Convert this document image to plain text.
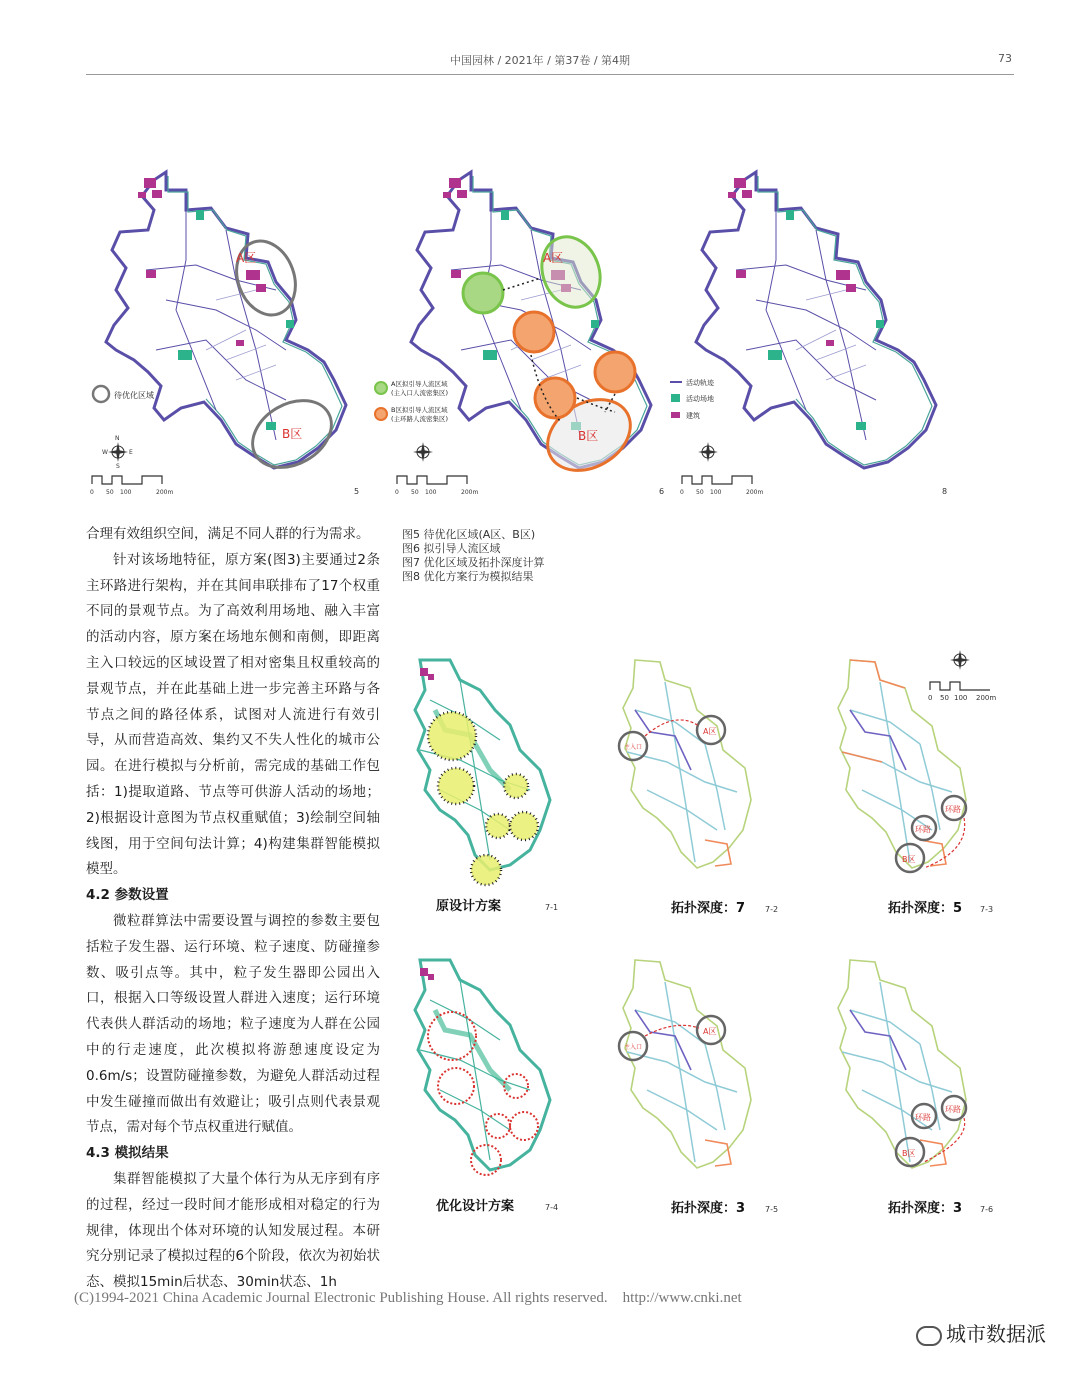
中国园林 / 2021年 / 第37卷 / 第4期	73
A区
B区
待优化区域
N
W	E
S
0 50 100	200m	5
A区
B区
A区拟引导人流区域
(主入口人流密集区)
B区拟引导人流区域
(主环路人流密集区)
0 50 100	200m	6
活动轨迹
活动场地
建筑
0 50 100	200m	8
图5 待优化区域(A区、B区)
图6 拟引导人流区域
图7 优化区域及拓扑深度计算
图8 优化方案行为模拟结果

合理有效组织空间，满足不同人群的行为需求。

针对该场地特征，原方案(图3)主要通过2条主环路进行架构，并在其间串联排布了17个权重不同的景观节点。为了高效利用场地、融入丰富的活动内容，原方案在场地东侧和南侧，即距离主入口较远的区域设置了相对密集且权重较高的景观节点，并在此基础上进一步完善主环路与各节点之间的路径体系，试图对人流进行有效引导，从而营造高效、集约又不失人性化的城市公园。在进行模拟与分析前，需完成的基础工作包括：1)提取道路、节点等可供游人活动的场地；2)根据设计意图为节点权重赋值；3)绘制空间轴线图，用于空间句法计算；4)构建集群智能模拟模型。

4.2 参数设置

微粒群算法中需要设置与调控的参数主要包括粒子发生器、运行环境、粒子速度、防碰撞参数、吸引点等。其中，粒子发生器即公园出入口，根据入口等级设置人群进入速度；运行环境代表供人群活动的场地；粒子速度为人群在公园中的行走速度，此次模拟将游憩速度设定为0.6m/s；设置防碰撞参数，为避免人群活动过程中发生碰撞而做出有效避让；吸引点则代表景观节点，需对每个节点权重进行赋值。

4.3 模拟结果

集群智能模拟了大量个体行为从无序到有序的过程，经过一段时间才能形成相对稳定的行为规律，体现出个体对环境的认知发展过程。本研究分别记录了模拟过程的6个阶段，依次为初始状态、模拟15min后状态、30min状态、1h

原设计方案	7-1
主入口
A区
拓扑深度：7 7-2
环路
环路
B区
拓扑深度：5 7-3
0 50 100 200m
优化设计方案	7-4
主入口
A区
拓扑深度：3 7-5
环路
环路
B区
拓扑深度：3 7-6
(C)1994-2021 China Academic Journal Electronic Publishing House. All rights reserved. http://www.cnki.net
城市数据派
